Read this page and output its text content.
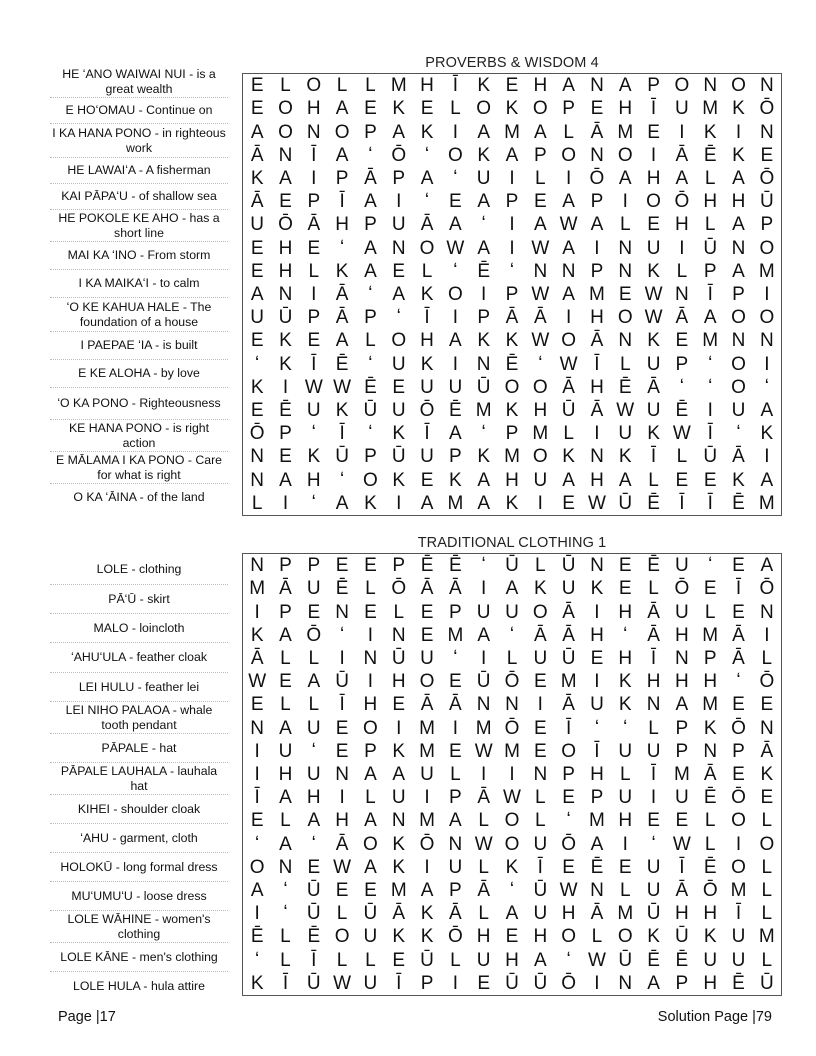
PROVERBS & WISDOM 4
E L O L L M H Ī	K E H A N A P O N O N
E O H A E K E L O K O P E H Ī U M K Ō
A O N O P A K	I	A M A L Ā M E	I	K	I N
Ā N Ī	A	ʻ Ō ʻ O K A P O N O I	Ā Ē K E
K A	I	P Ā P A	ʻ	U I	L	I Ō A H A L A Ō
Ā E P	Ī	A	I	ʻ	E A P E A P	I O Ō H H Ū
U Ō Ā H P U Ā A	ʻ	I	A W A L E H L A P
E H E	ʻ	A N O W A	I W A	I N U I Ū N O
E H L K A E L	ʻ	Ē	ʻ	N N P N K L P A M
A N I	Ā	ʻ	A K O I	P W A M E W N Ī	P	I
U Ū P Ā P	ʻ	Ī	I	P Ā Ā	I H O W Ā A O O
E K E A L O H A K K W O Ā N K E M N N
ʻ	K	Ī	Ē	ʻ	U K	I N Ē	ʻ W Ī	L U P	ʻ O I
K	I W W Ē E U U Ū O O Ā H Ē Ā	ʻ	ʻ O ʻ
E Ē U K Ū U Ō Ē M K H Ū Ā W U Ē	I U A
Ō P	ʻ	Ī	ʻ	K	Ī	A	ʻ	P M L	I U K W Ī	ʻ	K
N E K Ū P Ū U P K M O K N K	Ī	L Ū Ā	I
N A H	ʻ O K E K A H U A H A L E E K A
L	I	ʻ	A K	I	A M A K	I	E W Ū Ē	Ī	Ī	Ē M
HE ʻANO WAIWAI NUI - is a great wealth
E HOʻOMAU - Continue on
I KA HANA PONO - in righteous work
HE LAWAIʻA - A fisherman
KAI PĀPAʻU - of shallow sea
HE POKOLE KE AHO - has a short line
MAI KA ʻINO - From storm
I KA MAIKAʻI - to calm
ʻO KE KAHUA HALE - The foundation of a house
I PAEPAE ʻIA - is built
E KE ALOHA - by love
ʻO KA PONO - Righteousness
KE HANA PONO - is right action
E MĀLAMA I KA PONO - Care for what is right
O KA ʻĀINA - of the land
TRADITIONAL CLOTHING 1
N P P E E P Ē Ē	ʻ	Ū L Ū N E Ē U	ʻ	E A
M Ā U Ē L Ō Ā Ā	I	A K U K E L Ō E	Ī Ō
I	P E N E L E P U U O Ā	I H Ā U L E N
K A Ō ʻ	I N E M A	ʻ	Ā Ā H	ʻ	Ā H M Ā	I
Ā L L	I N Ū U	ʻ	I	L U Ū E H Ī N P Ā L
W E A Ū I H O E Ū Ō E M I	K H H H	ʻ Ō
E L L	Ī H E Ā Ā N N I	Ā U K N A M E E
N A U E O I M I M Ō E	Ī	ʻ	ʻ	L P K Ō N
I U	ʻ	E P K M E W M E O Ī U U P N P Ā
I H U N A A U L	I	I N P H L	Ī M Ā E K
Ī	A H I	L U I	P Ā W L E P U I U Ē Ō E
E L A H A N M A L O L	ʻ M H E E L O L
ʻ	A	ʻ	Ā O K Ō N W O U Ō A	I	ʻ W L	I O
O N E W A K	I U L K	Ī	E Ē E U Ī	Ē O L
A	ʻ	Ū E E M A P Ā	ʻ	Ū W N L U Ā Ō M L
I	ʻ	Ū L Ū Ā K Ā L A U H Ā M Ū H H Ī	L
Ē L Ē O U K K Ō H E H O L O K Ū K U M
ʻ	L	Ī	L L E Ū L U H A	ʻ W Ū Ē Ē U U L
K	Ī Ū W U Ī	P	I	E Ū Ū Ō I N A P H Ē Ū
LOLE - clothing
PĀʻŪ - skirt
MALO - loincloth
ʻAHUʻULA - feather cloak
LEI HULU - feather lei
LEI NIHO PALAOA - whale tooth pendant
PĀPALE - hat
PĀPALE LAUHALA - lauhala hat
KIHEI - shoulder cloak
ʻAHU - garment, cloth
HOLOKŪ - long formal dress
MUʻUMUʻU - loose dress
LOLE WĀHINE - women's clothing
LOLE KĀNE - men's clothing
LOLE HULA - hula attire
Page |17	Solution Page |79
